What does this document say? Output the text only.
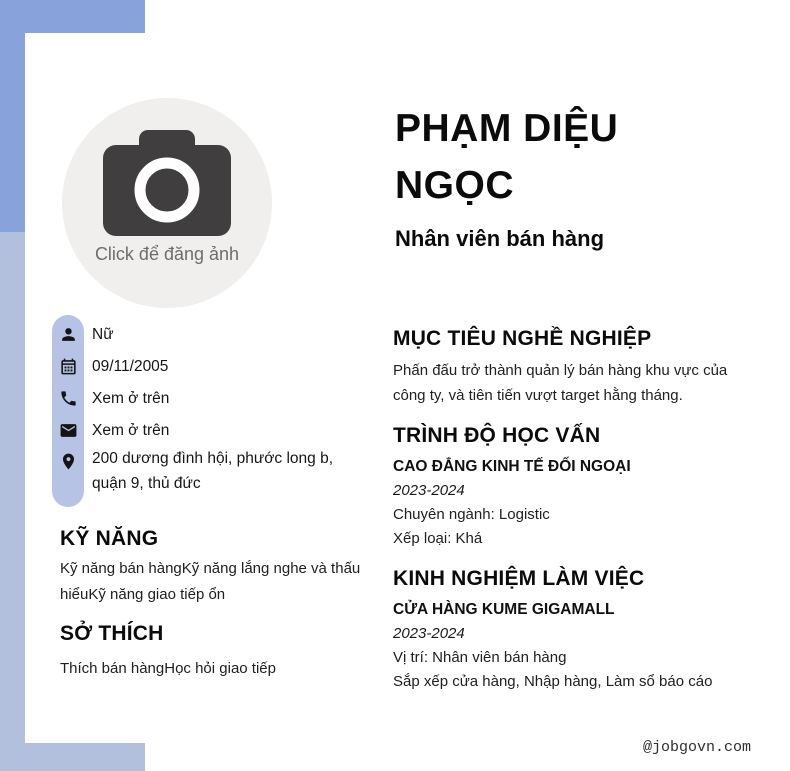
Click để đăng ảnh
PHẠM DIỆU NGỌC
Nhân viên bán hàng
Nữ
09/11/2005
Xem ở trên
Xem ở trên
200 dương đình hội, phước long b, quận 9, thủ đức
KỸ NĂNG
Kỹ năng bán hàngKỹ năng lắng nghe và thấu hiểuKỹ năng giao tiếp ổn
SỞ THÍCH
Thích bán hàngHọc hỏi giao tiếp
MỤC TIÊU NGHỀ NGHIỆP
Phấn đấu trở thành quản lý bán hàng khu vực của công ty, và tiên tiến vượt target hằng tháng.
TRÌNH ĐỘ HỌC VẤN
CAO ĐẲNG KINH TẾ ĐỐI NGOẠI
2023-2024
Chuyên ngành: Logistic
Xếp loại: Khá
KINH NGHIỆM LÀM VIỆC
CỬA HÀNG KUME GIGAMALL
2023-2024
Vị trí: Nhân viên bán hàng
Sắp xếp cửa hàng, Nhập hàng, Làm sổ báo cáo
@jobgovn.com
